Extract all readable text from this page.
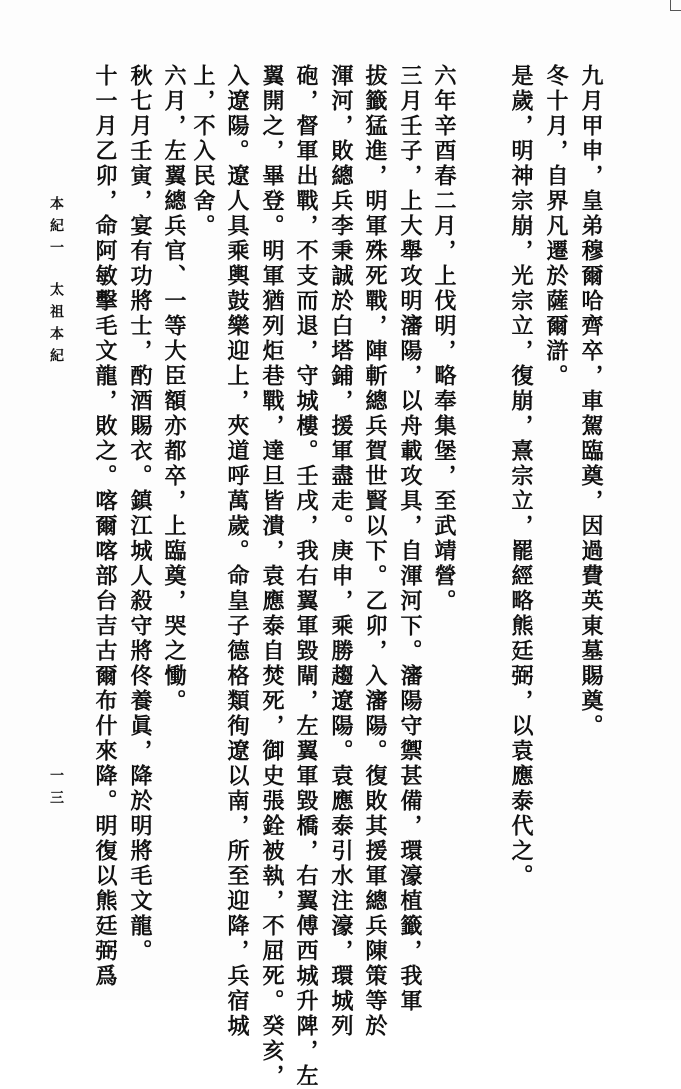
九月甲申，皇弟穆爾哈齊卒，車駕臨奠，因過費英東墓賜奠。
冬十月，自界凡遷於薩爾滸。
是歲，明神宗崩，光宗立，復崩，熹宗立，罷經略熊廷弼，以袁應泰代之。
六年辛酉春二月，上伐明，略奉集堡，至武靖營。
三月壬子，上大舉攻明瀋陽，以舟載攻具，自渾河下。瀋陽守禦甚備，環濠植籤，我軍
拔籤猛進，明軍殊死戰，陣斬總兵賀世賢以下。乙卯，入瀋陽。復敗其援軍總兵陳策等於
渾河，敗總兵李秉誠於白塔鋪，援軍盡走。庚申，乘勝趨遼陽。袁應泰引水注濠，環城列
砲，督軍出戰，不支而退，守城樓。壬戌，我右翼軍毀閘，左翼軍毀橋，右翼傅西城升陴，左
翼開之，畢登。明軍猶列炬巷戰，達旦皆潰，袁應泰自焚死，御史張銓被執，不屈死。癸亥，
入遼陽。遼人具乘輿鼓樂迎上，夾道呼萬歲。命皇子德格類徇遼以南，所至迎降，兵宿城
上，不入民舍。
六月，左翼總兵官、一等大臣額亦都卒，上臨奠，哭之慟。
秋七月壬寅，宴有功將士，酌酒賜衣。鎮江城人殺守將佟養眞，降於明將毛文龍。
十一月乙卯，命阿敏擊毛文龍，敗之。喀爾喀部台吉古爾布什來降。明復以熊廷弼爲
本紀一
太祖本紀
一三
